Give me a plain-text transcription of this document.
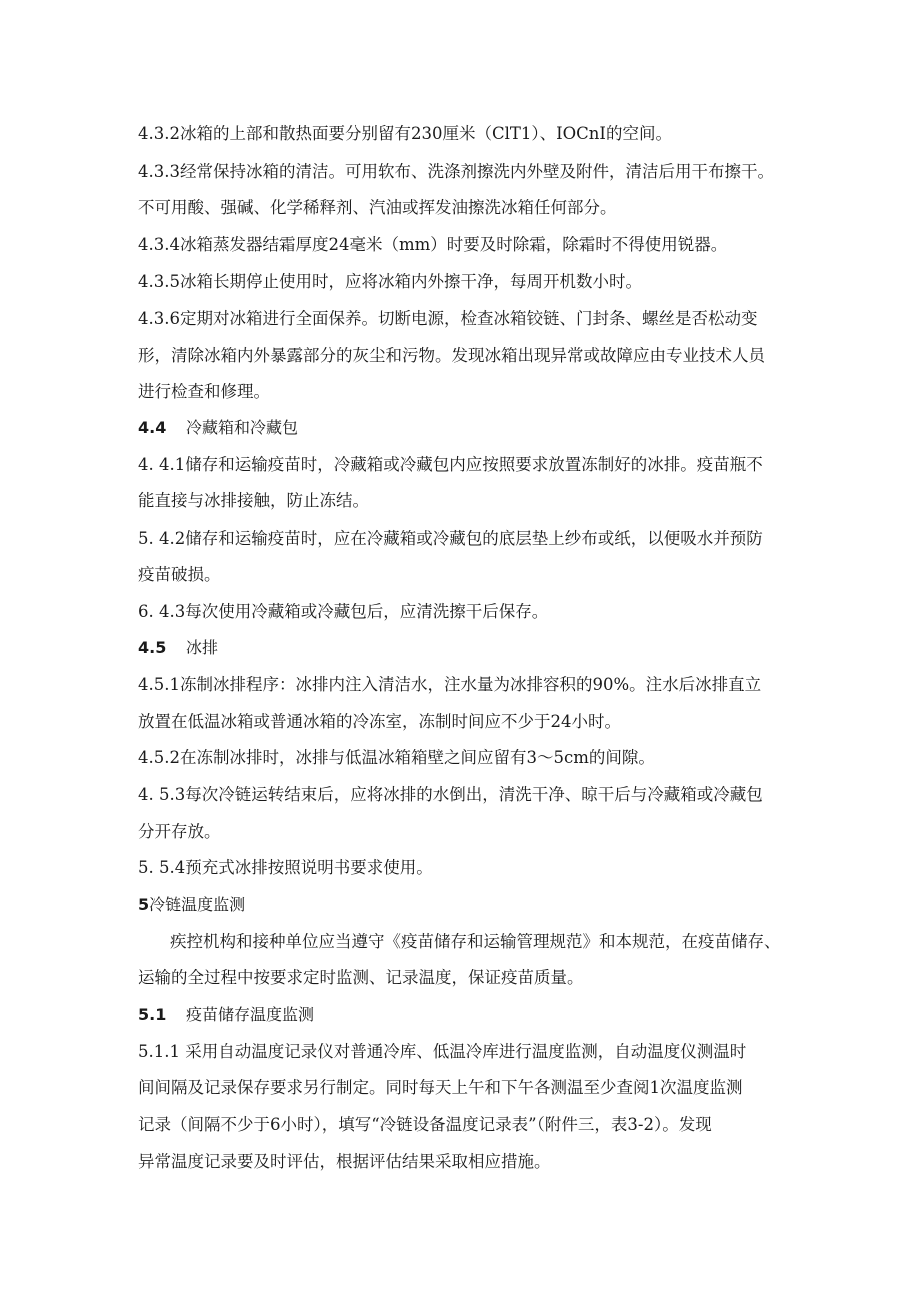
4.3.2冰箱的上部和散热面要分别留有230厘米（ClT1）、IOCnI的空间。
4.3.3经常保持冰箱的清洁。可用软布、洗涤剂擦洗内外壁及附件，清洁后用干布擦干。
不可用酸、强碱、化学稀释剂、汽油或挥发油擦洗冰箱任何部分。
4.3.4冰箱蒸发器结霜厚度24毫米（mm）时要及时除霜，除霜时不得使用锐器。
4.3.5冰箱长期停止使用时，应将冰箱内外擦干净，每周开机数小时。
4.3.6定期对冰箱进行全面保养。切断电源，检查冰箱铰链、门封条、螺丝是否松动变
形，清除冰箱内外暴露部分的灰尘和污物。发现冰箱出现异常或故障应由专业技术人员
进行检查和修理。
4.4 冷藏箱和冷藏包
4. 4.1储存和运输疫苗时，冷藏箱或冷藏包内应按照要求放置冻制好的冰排。疫苗瓶不
能直接与冰排接触，防止冻结。
5. 4.2储存和运输疫苗时，应在冷藏箱或冷藏包的底层垫上纱布或纸，以便吸水并预防
疫苗破损。
6. 4.3每次使用冷藏箱或冷藏包后，应清洗擦干后保存。
4.5 冰排
4.5.1冻制冰排程序：冰排内注入清洁水，注水量为冰排容积的90%。注水后冰排直立
放置在低温冰箱或普通冰箱的冷冻室，冻制时间应不少于24小时。
4.5.2在冻制冰排时，冰排与低温冰箱箱壁之间应留有3～5cm的间隙。
4. 5.3每次冷链运转结束后，应将冰排的水倒出，清洗干净、晾干后与冷藏箱或冷藏包
分开存放。
5. 5.4预充式冰排按照说明书要求使用。
5冷链温度监测
疾控机构和接种单位应当遵守《疫苗储存和运输管理规范》和本规范，在疫苗储存、
运输的全过程中按要求定时监测、记录温度，保证疫苗质量。
5.1 疫苗储存温度监测
5.1.1 采用自动温度记录仪对普通冷库、低温冷库进行温度监测，自动温度仪测温时
间间隔及记录保存要求另行制定。同时每天上午和下午各测温至少查阅1次温度监测
记录（间隔不少于6小时），填写“冷链设备温度记录表”（附件三，表3-2）。发现
异常温度记录要及时评估，根据评估结果采取相应措施。
